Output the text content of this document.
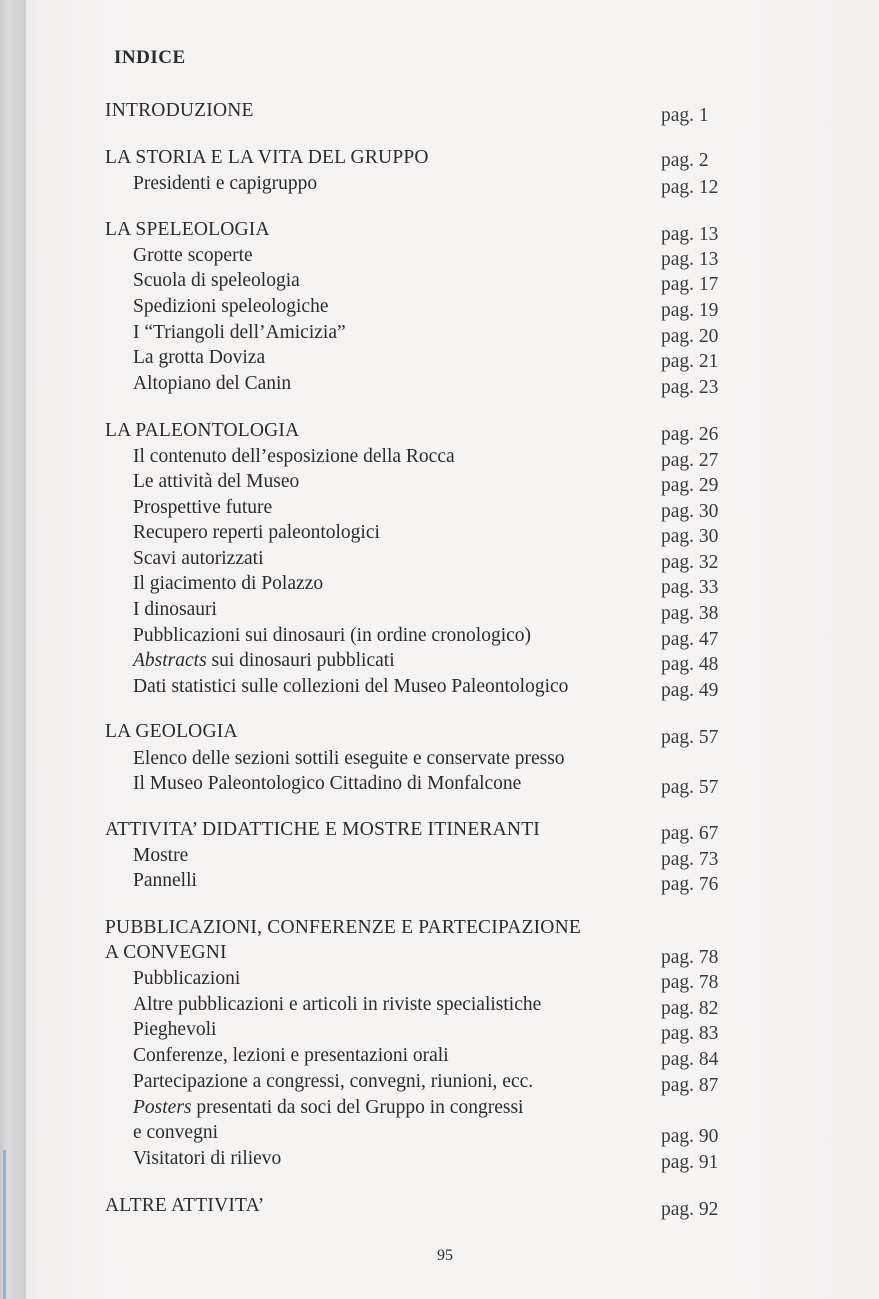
INDICE
INTRODUZIONE	pag. 1
LA STORIA E LA VITA DEL GRUPPO	pag. 2
Presidenti e capigruppo	pag. 12
LA SPELEOLOGIA	pag. 13
Grotte scoperte	pag. 13
Scuola di speleologia	pag. 17
Spedizioni speleologiche	pag. 19
I “Triangoli dell’Amicizia”	pag. 20
La grotta Doviza	pag. 21
Altopiano del Canin	pag. 23
LA PALEONTOLOGIA	pag. 26
Il contenuto dell’esposizione della Rocca	pag. 27
Le attività del Museo	pag. 29
Prospettive future	pag. 30
Recupero reperti paleontologici	pag. 30
Scavi autorizzati	pag. 32
Il giacimento di Polazzo	pag. 33
I dinosauri	pag. 38
Pubblicazioni sui dinosauri (in ordine cronologico)	pag. 47
Abstracts sui dinosauri pubblicati	pag. 48
Dati statistici sulle collezioni del Museo Paleontologico	pag. 49
LA GEOLOGIA	pag. 57
Elenco delle sezioni sottili eseguite e conservate presso
Il Museo Paleontologico Cittadino di Monfalcone	pag. 57
ATTIVITA’ DIDATTICHE E MOSTRE ITINERANTI	pag. 67
Mostre	pag. 73
Pannelli	pag. 76
PUBBLICAZIONI, CONFERENZE E PARTECIPAZIONE
A CONVEGNI	pag. 78
Pubblicazioni	pag. 78
Altre pubblicazioni e articoli in riviste specialistiche	pag. 82
Pieghevoli	pag. 83
Conferenze, lezioni e presentazioni orali	pag. 84
Partecipazione a congressi, convegni, riunioni, ecc.	pag. 87
Posters presentati da soci del Gruppo in congressi
e convegni	pag. 90
Visitatori di rilievo	pag. 91
ALTRE ATTIVITA’	pag. 92
95
